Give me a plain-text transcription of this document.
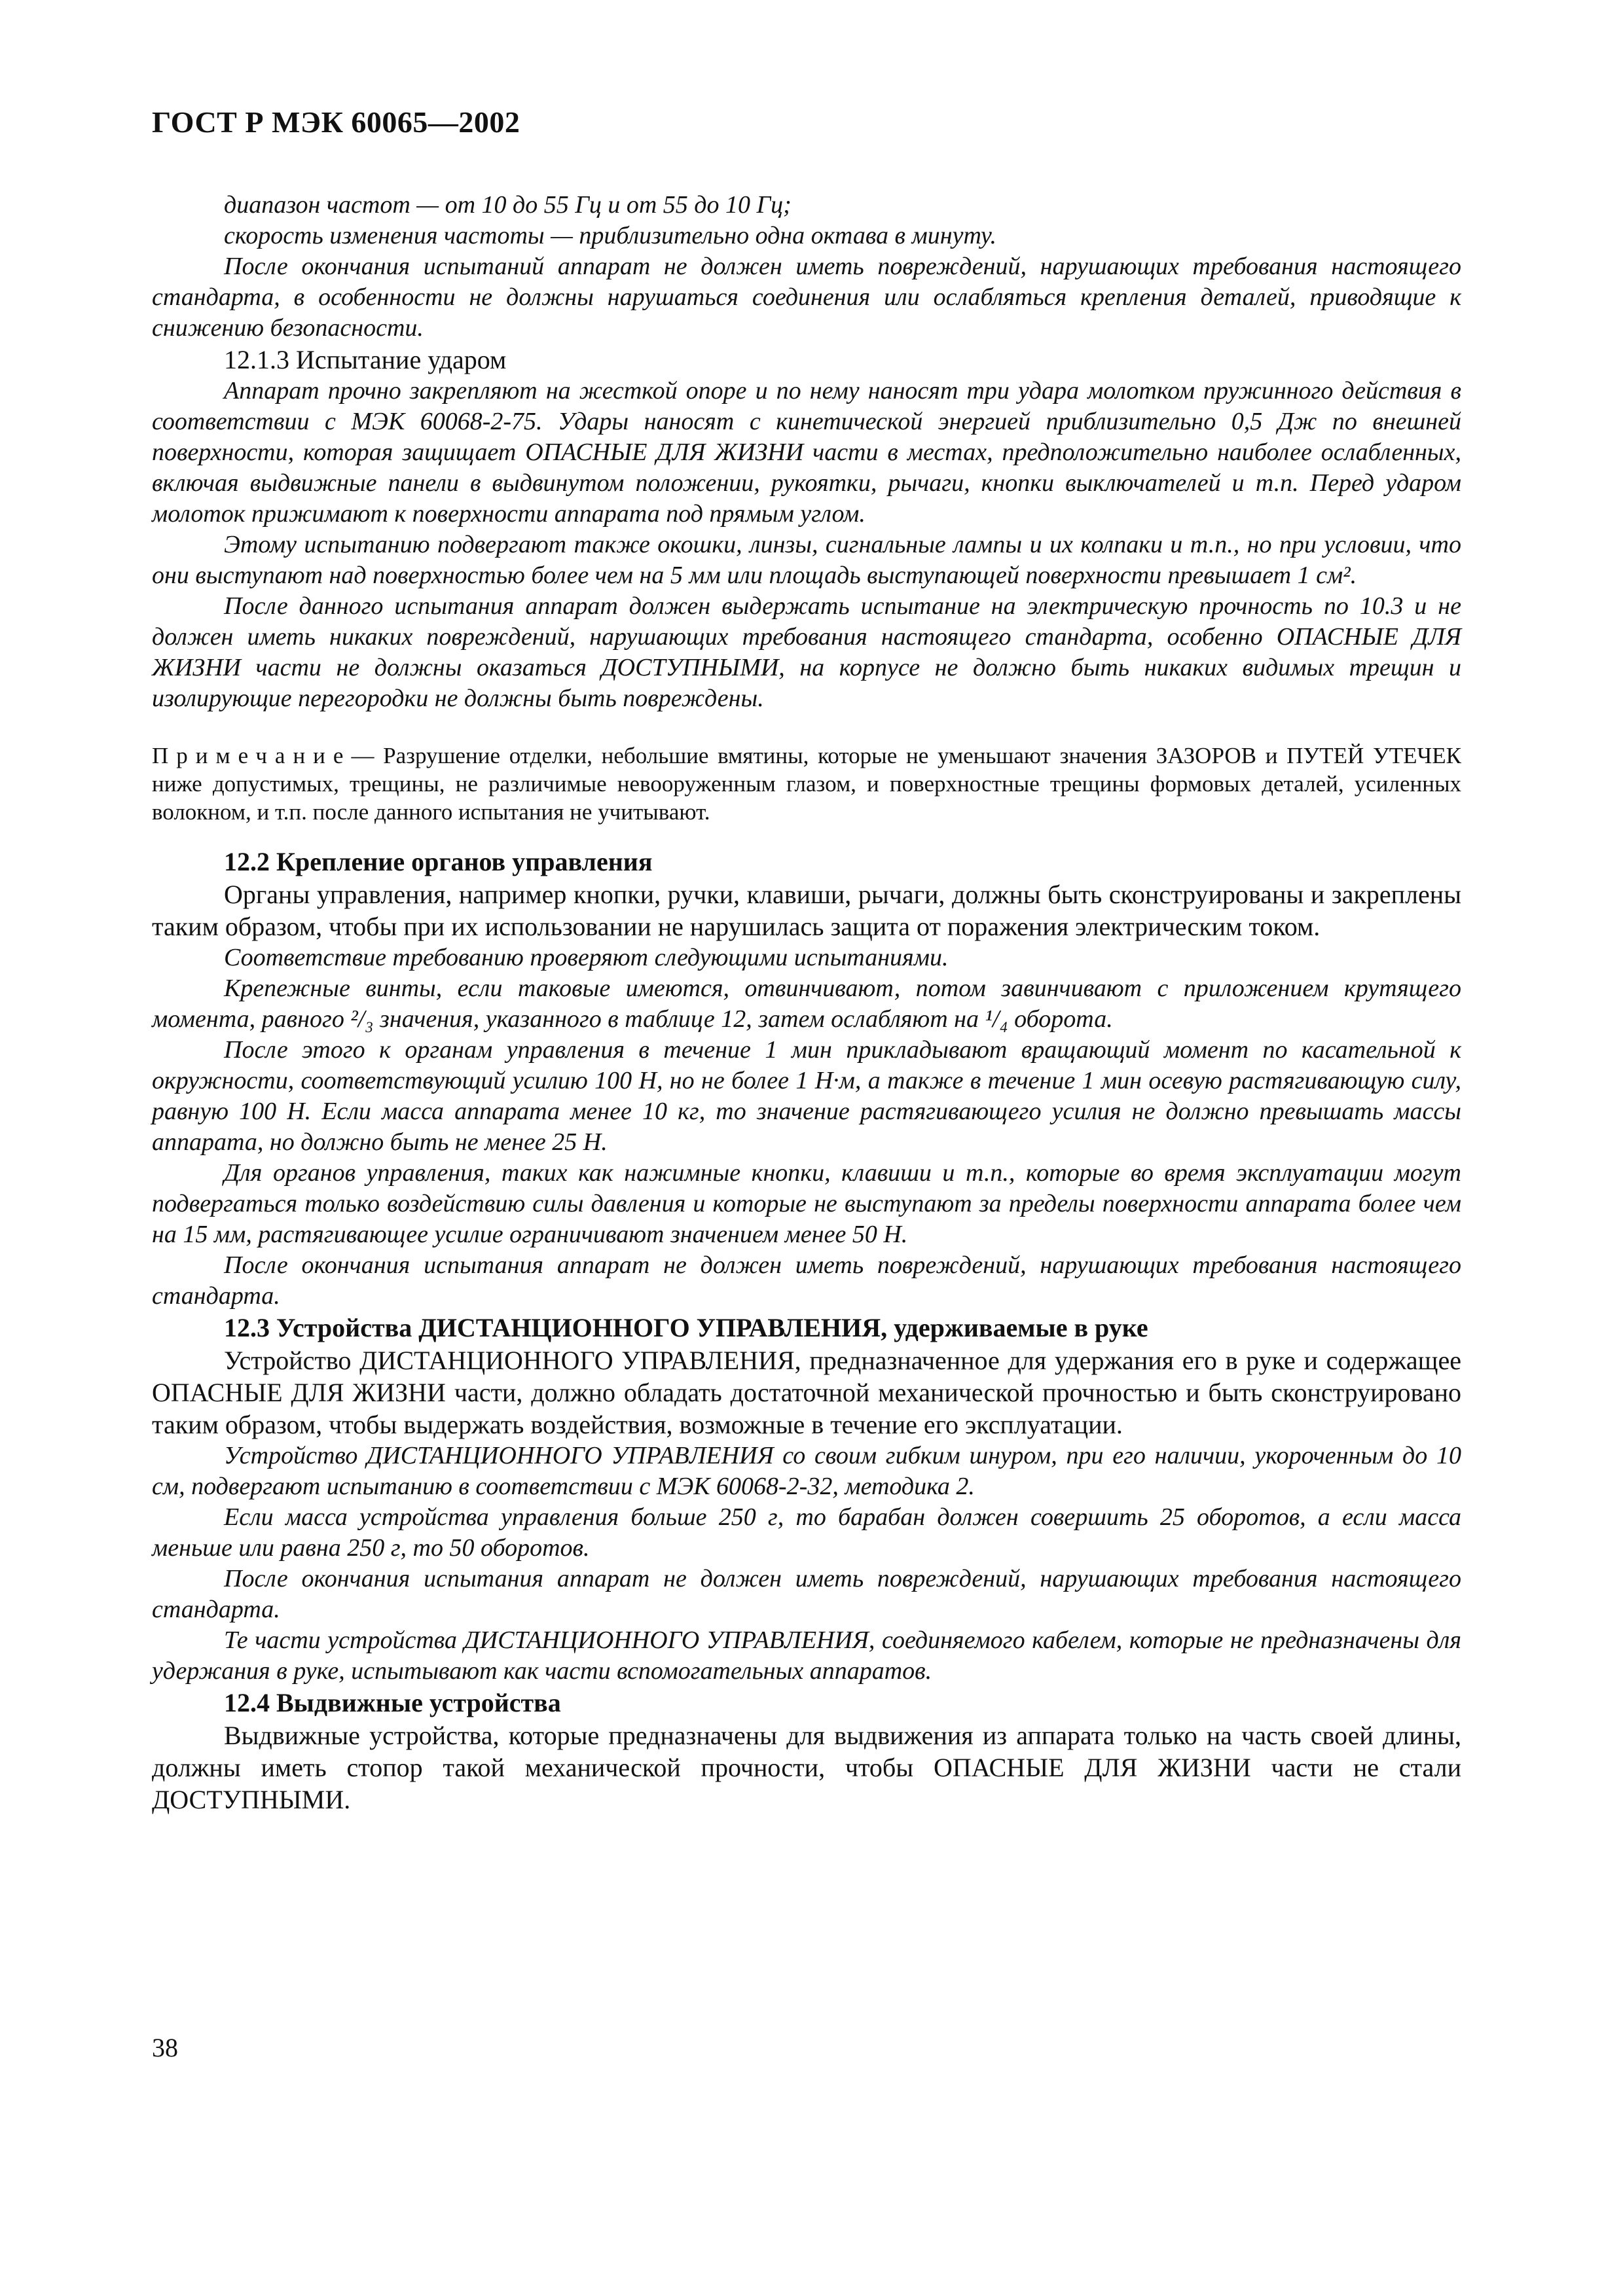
ГОСТ Р МЭК 60065—2002

диапазон частот — от 10 до 55 Гц и от 55 до 10 Гц;

скорость изменения частоты — приблизительно одна октава в минуту.

После окончания испытаний аппарат не должен иметь повреждений, нарушающих требования настоящего стандарта, в особенности не должны нарушаться соединения или ослабляться крепления деталей, приводящие к снижению безопасности.

12.1.3 Испытание ударом

Аппарат прочно закрепляют на жесткой опоре и по нему наносят три удара молотком пружинного действия в соответствии с МЭК 60068-2-75. Удары наносят с кинетической энергией приблизительно 0,5 Дж по внешней поверхности, которая защищает ОПАСНЫЕ ДЛЯ ЖИЗНИ части в местах, предположительно наиболее ослабленных, включая выдвижные панели в выдвинутом положении, рукоятки, рычаги, кнопки выключателей и т.п. Перед ударом молоток прижимают к поверхности аппарата под прямым углом.

Этому испытанию подвергают также окошки, линзы, сигнальные лампы и их колпаки и т.п., но при условии, что они выступают над поверхностью более чем на 5 мм или площадь выступающей поверхности превышает 1 см².

После данного испытания аппарат должен выдержать испытание на электрическую прочность по 10.3 и не должен иметь никаких повреждений, нарушающих требования настоящего стандарта, особенно ОПАСНЫЕ ДЛЯ ЖИЗНИ части не должны оказаться ДОСТУПНЫМИ, на корпусе не должно быть никаких видимых трещин и изолирующие перегородки не должны быть повреждены.

Примечание— Разрушение отделки, небольшие вмятины, которые не уменьшают значения ЗАЗОРОВ и ПУТЕЙ УТЕЧЕК ниже допустимых, трещины, не различимые невооруженным глазом, и поверхностные трещины формовых деталей, усиленных волокном, и т.п. после данного испытания не учитывают.

12.2 Крепление органов управления

Органы управления, например кнопки, ручки, клавиши, рычаги, должны быть сконструированы и закреплены таким образом, чтобы при их использовании не нарушилась защита от поражения электрическим током.

Соответствие требованию проверяют следующими испытаниями.

Крепежные винты, если таковые имеются, отвинчивают, потом завинчивают с приложением крутящего момента, равного ²/₃ значения, указанного в таблице 12, затем ослабляют на ¹/₄ оборота.

После этого к органам управления в течение 1 мин прикладывают вращающий момент по касательной к окружности, соответствующий усилию 100 Н, но не более 1 Н·м, а также в течение 1 мин осевую растягивающую силу, равную 100 Н. Если масса аппарата менее 10 кг, то значение растягивающего усилия не должно превышать массы аппарата, но должно быть не менее 25 Н.

Для органов управления, таких как нажимные кнопки, клавиши и т.п., которые во время эксплуатации могут подвергаться только воздействию силы давления и которые не выступают за пределы поверхности аппарата более чем на 15 мм, растягивающее усилие ограничивают значением менее 50 Н.

После окончания испытания аппарат не должен иметь повреждений, нарушающих требования настоящего стандарта.

12.3 Устройства ДИСТАНЦИОННОГО УПРАВЛЕНИЯ, удерживаемые в руке

Устройство ДИСТАНЦИОННОГО УПРАВЛЕНИЯ, предназначенное для удержания его в руке и содержащее ОПАСНЫЕ ДЛЯ ЖИЗНИ части, должно обладать достаточной механической прочностью и быть сконструировано таким образом, чтобы выдержать воздействия, возможные в течение его эксплуатации.

Устройство ДИСТАНЦИОННОГО УПРАВЛЕНИЯ со своим гибким шнуром, при его наличии, укороченным до 10 см, подвергают испытанию в соответствии с МЭК 60068-2-32, методика 2.

Если масса устройства управления больше 250 г, то барабан должен совершить 25 оборотов, а если масса меньше или равна 250 г, то 50 оборотов.

После окончания испытания аппарат не должен иметь повреждений, нарушающих требования настоящего стандарта.

Те части устройства ДИСТАНЦИОННОГО УПРАВЛЕНИЯ, соединяемого кабелем, которые не предназначены для удержания в руке, испытывают как части вспомогательных аппаратов.

12.4 Выдвижные устройства

Выдвижные устройства, которые предназначены для выдвижения из аппарата только на часть своей длины, должны иметь стопор такой механической прочности, чтобы ОПАСНЫЕ ДЛЯ ЖИЗНИ части не стали ДОСТУПНЫМИ.

38
